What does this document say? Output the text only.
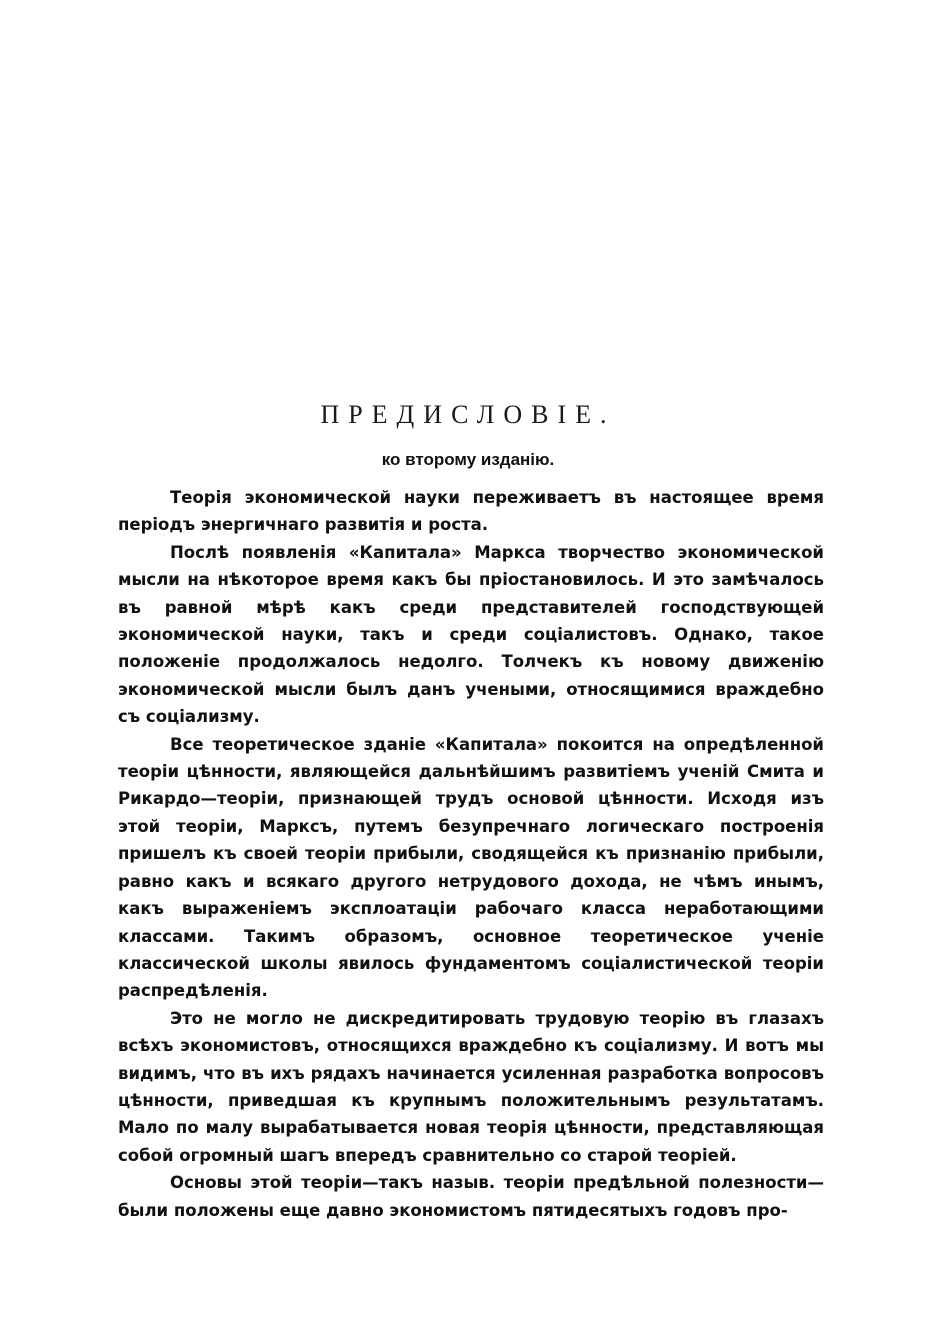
ПРЕДИСЛОВIЕ.
ко второму изданiю.

Теорiя экономической науки переживаетъ въ настоящее время перiодъ энергичнаго развитiя и роста.

Послѣ появленiя «Капитала» Маркса творчество экономической мысли на нѣкоторое время какъ бы прiостановилось. И это замѣчалось въ равной мѣрѣ какъ среди представителей господствующей экономической науки, такъ и среди соцiалистовъ. Однако, такое положенiе продолжалось недолго. Толчекъ къ новому движенiю экономической мысли былъ данъ учеными, относящимися враждебно съ соцiализму.

Все теоретическое зданiе «Капитала» покоится на опредѣленной теорiи цѣнности, являющейся дальнѣйшимъ развитiемъ ученiй Смита и Рикардо—теорiи, признающей трудъ основой цѣнности. Исходя изъ этой теорiи, Марксъ, путемъ безупречнаго логическаго построенiя пришелъ къ своей теорiи прибыли, сводящейся къ признанiю прибыли, равно какъ и всякаго другого нетрудового дохода, не чѣмъ инымъ, какъ выраженiемъ эксплоатацiи рабочаго класса неработающими классами. Такимъ образомъ, основное теоретическое ученiе классической школы явилось фундаментомъ соцiалистической теорiи распредѣленiя.

Это не могло не дискредитировать трудовую теорiю въ глазахъ всѣхъ экономистовъ, относящихся враждебно къ соцiализму. И вотъ мы видимъ, что въ ихъ рядахъ начинается усиленная разработка вопросовъ цѣнности, приведшая къ крупнымъ положительнымъ результатамъ. Мало по малу вырабатывается новая теорiя цѣнности, представляющая собой огромный шагъ впередъ сравнительно со старой теорiей.

Основы этой теорiи—такъ назыв. теорiи предѣльной полезности—были положены еще давно экономистомъ пятидесятыхъ годовъ про-
